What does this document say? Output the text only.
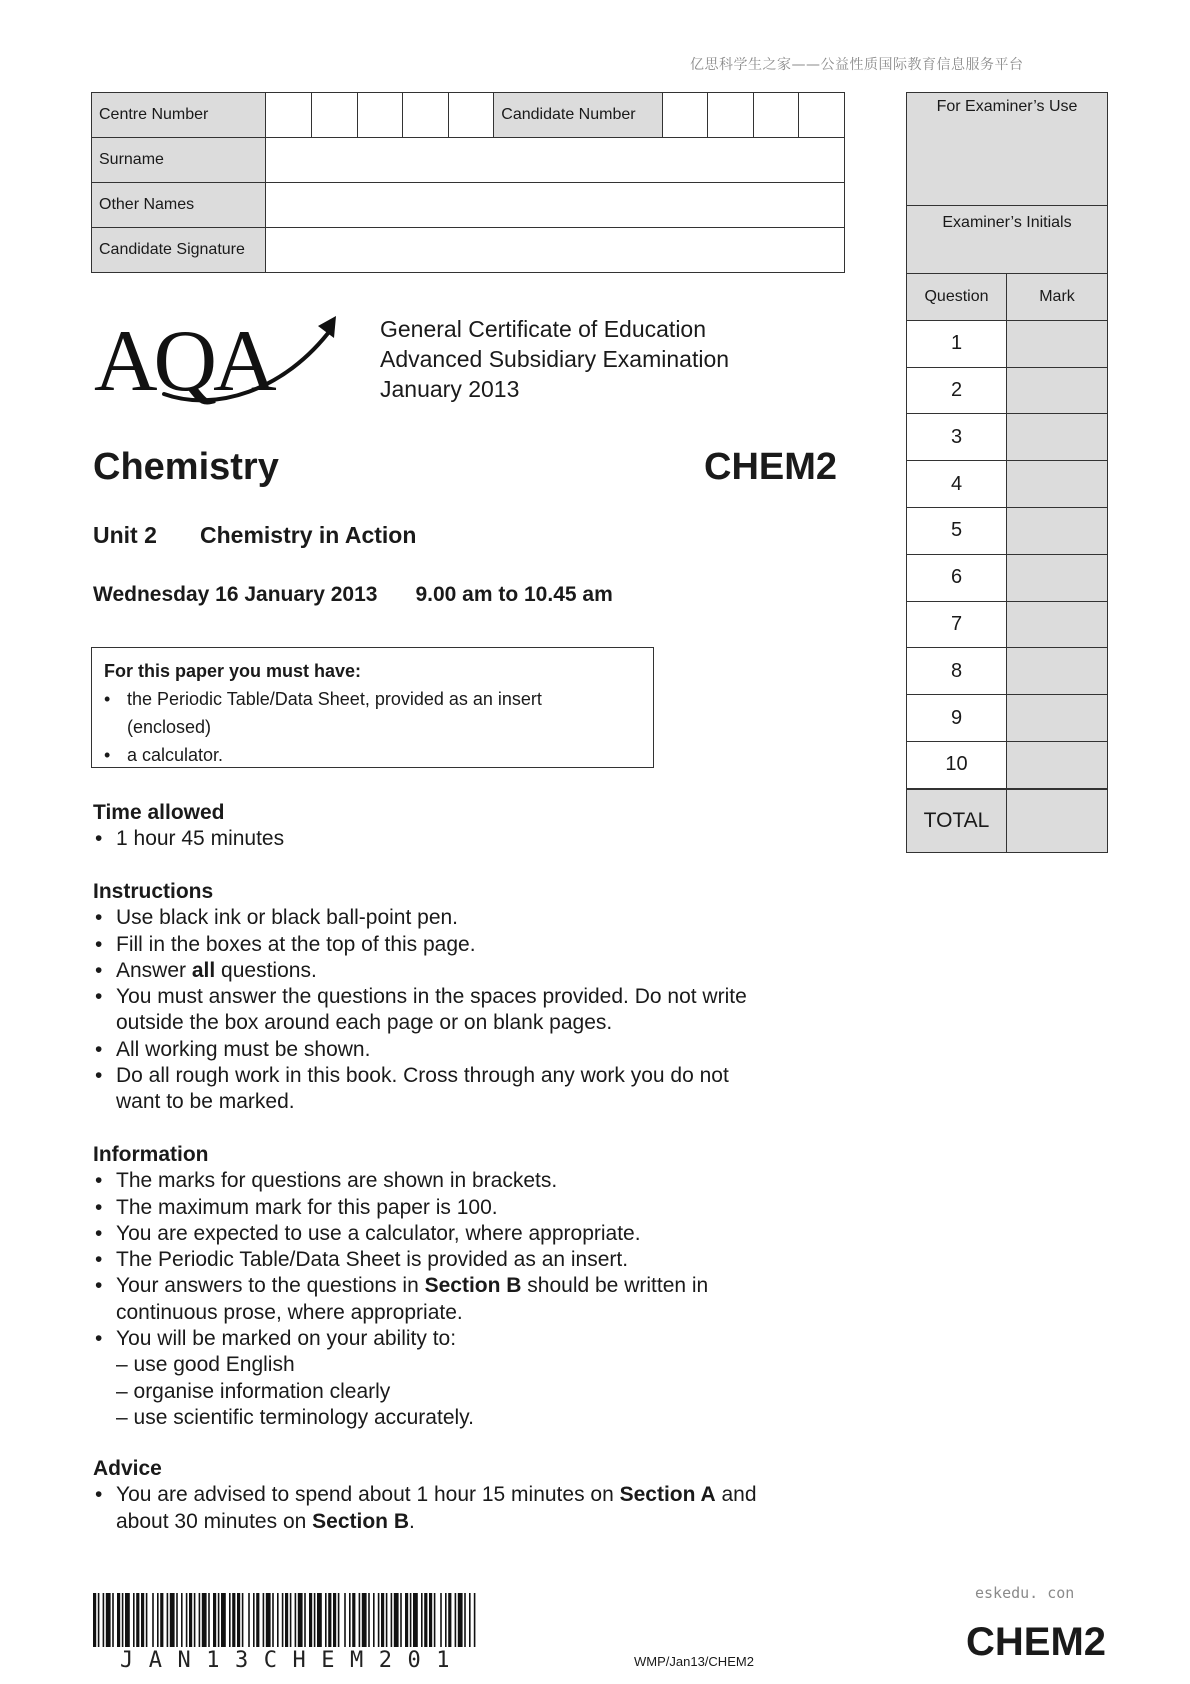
亿思科学生之家——公益性质国际教育信息服务平台
Centre Number						Candidate Number				
Surname										
Other Names										
Candidate Signature										
For Examiner’s Use
Examiner’s Initials
Question	Mark
1
2
3
4
5
6
7
8
9
10
TOTAL
AQA	General Certificate of Education
Advanced Subsidiary Examination
January 2013
Chemistry	CHEM2
Unit 2 Chemistry in Action
Wednesday 16 January 2013 9.00 am to 10.45 am
For this paper you must have:
• the Periodic Table/Data Sheet, provided as an insert
(enclosed)
• a calculator.
Time allowed
• 1 hour 45 minutes
Instructions
• Use black ink or black ball-point pen.
• Fill in the boxes at the top of this page.
• Answer all questions.
• You must answer the questions in the spaces provided. Do not write
outside the box around each page or on blank pages.
• All working must be shown.
• Do all rough work in this book. Cross through any work you do not
want to be marked.
Information
• The marks for questions are shown in brackets.
• The maximum mark for this paper is 100.
• You are expected to use a calculator, where appropriate.
• The Periodic Table/Data Sheet is provided as an insert.
• Your answers to the questions in Section B should be written in
continuous prose, where appropriate.
• You will be marked on your ability to:
– use good English
– organise information clearly
– use scientific terminology accurately.
Advice
• You are advised to spend about 1 hour 15 minutes on Section A and
about 30 minutes on Section B.
JAN13CHEM201	WMP/Jan13/CHEM2
eskedu. con
CHEM2
